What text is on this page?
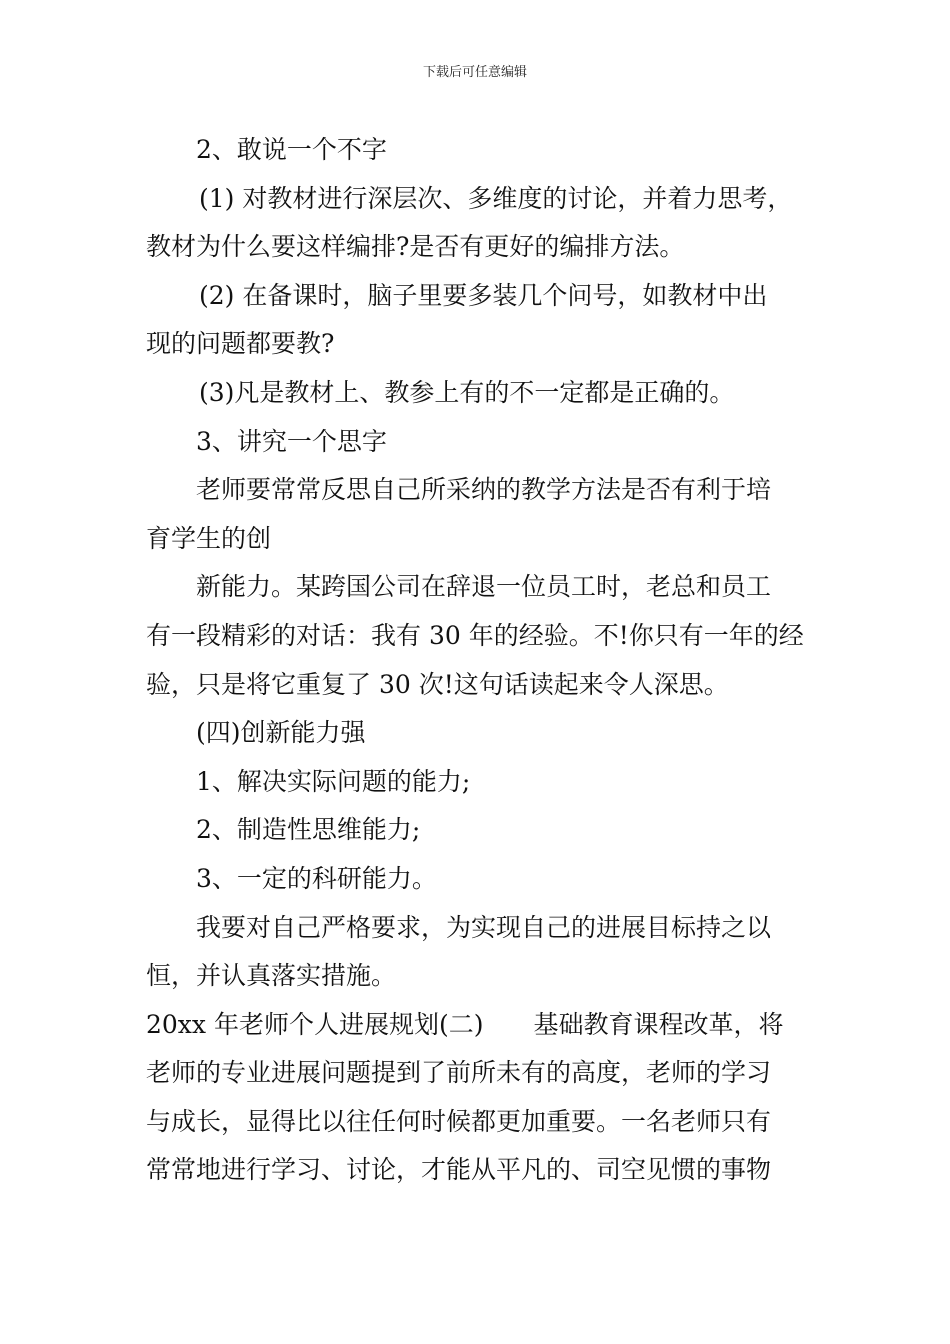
下载后可任意编辑

2、敢说一个不字

(1) 对教材进行深层次、多维度的讨论，并着力思考，

教材为什么要这样编排?是否有更好的编排方法。

(2) 在备课时，脑子里要多装几个问号，如教材中出

现的问题都要教?

(3)凡是教材上、教参上有的不一定都是正确的。

3、讲究一个思字

老师要常常反思自己所采纳的教学方法是否有利于培

育学生的创

新能力。某跨国公司在辞退一位员工时，老总和员工

有一段精彩的对话：我有 30 年的经验。不!你只有一年的经

验，只是将它重复了 30 次!这句话读起来令人深思。

(四)创新能力强

1、解决实际问题的能力;

2、制造性思维能力;

3、一定的科研能力。

我要对自己严格要求，为实现自己的进展目标持之以

恒，并认真落实措施。

20xx 年老师个人进展规划(二)　　基础教育课程改革，将

老师的专业进展问题提到了前所未有的高度，老师的学习

与成长，显得比以往任何时候都更加重要。一名老师只有

常常地进行学习、讨论，才能从平凡的、司空见惯的事物
